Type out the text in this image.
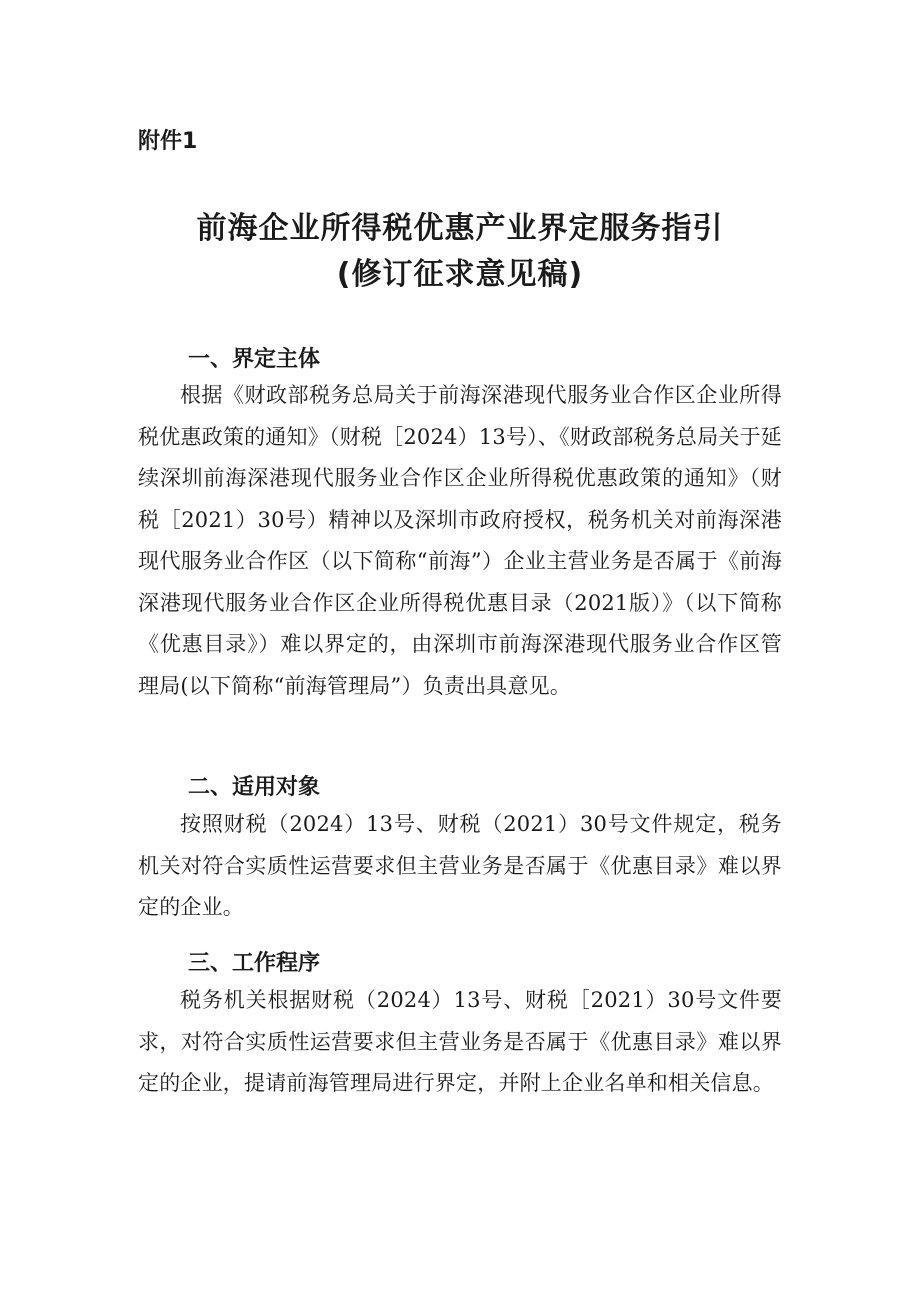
附件1
前海企业所得税优惠产业界定服务指引
(修订征求意见稿)
一、界定主体
根据《财政部税务总局关于前海深港现代服务业合作区企业所得税优惠政策的通知》（财税［2024）13号）、《财政部税务总局关于延续深圳前海深港现代服务业合作区企业所得税优惠政策的通知》（财税［2021）30号）精神以及深圳市政府授权，税务机关对前海深港现代服务业合作区（以下简称“前海”）企业主营业务是否属于《前海深港现代服务业合作区企业所得税优惠目录（2021版）》（以下简称《优惠目录》）难以界定的，由深圳市前海深港现代服务业合作区管理局(以下简称“前海管理局”）负责出具意见。
二、适用对象
按照财税（2024）13号、财税（2021）30号文件规定，税务机关对符合实质性运营要求但主营业务是否属于《优惠目录》难以界定的企业。
三、工作程序
税务机关根据财税（2024）13号、财税［2021）30号文件要求，对符合实质性运营要求但主营业务是否属于《优惠目录》难以界定的企业，提请前海管理局进行界定，并附上企业名单和相关信息。
